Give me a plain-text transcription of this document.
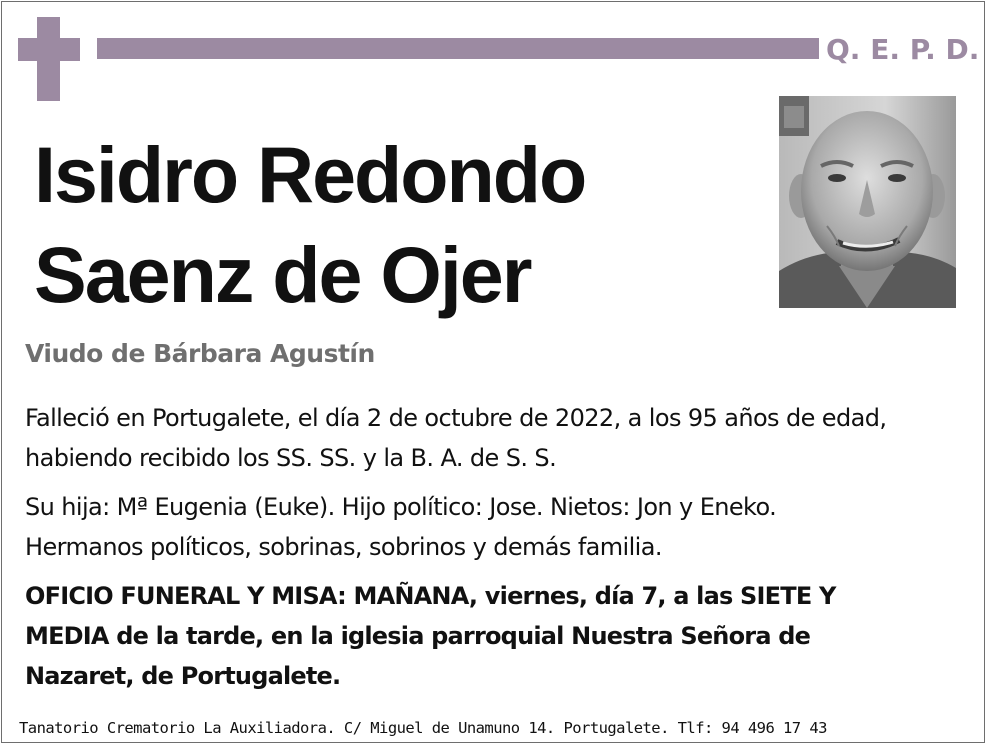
Q. E. P. D.
Isidro Redondo
Saenz de Ojer
Viudo de Bárbara Agustín
Falleció en Portugalete, el día 2 de octubre de 2022, a los 95 años de edad,
habiendo recibido los SS. SS. y la B. A. de S. S.
Su hija: Mª Eugenia (Euke). Hijo político: Jose. Nietos: Jon y Eneko.
Hermanos políticos, sobrinas, sobrinos y demás familia.
OFICIO FUNERAL Y MISA: MAÑANA, viernes, día 7, a las SIETE Y
MEDIA de la tarde, en la iglesia parroquial Nuestra Señora de
Nazaret, de Portugalete.
Tanatorio Crematorio La Auxiliadora. C/ Miguel de Unamuno 14. Portugalete. Tlf: 94 496 17 43
